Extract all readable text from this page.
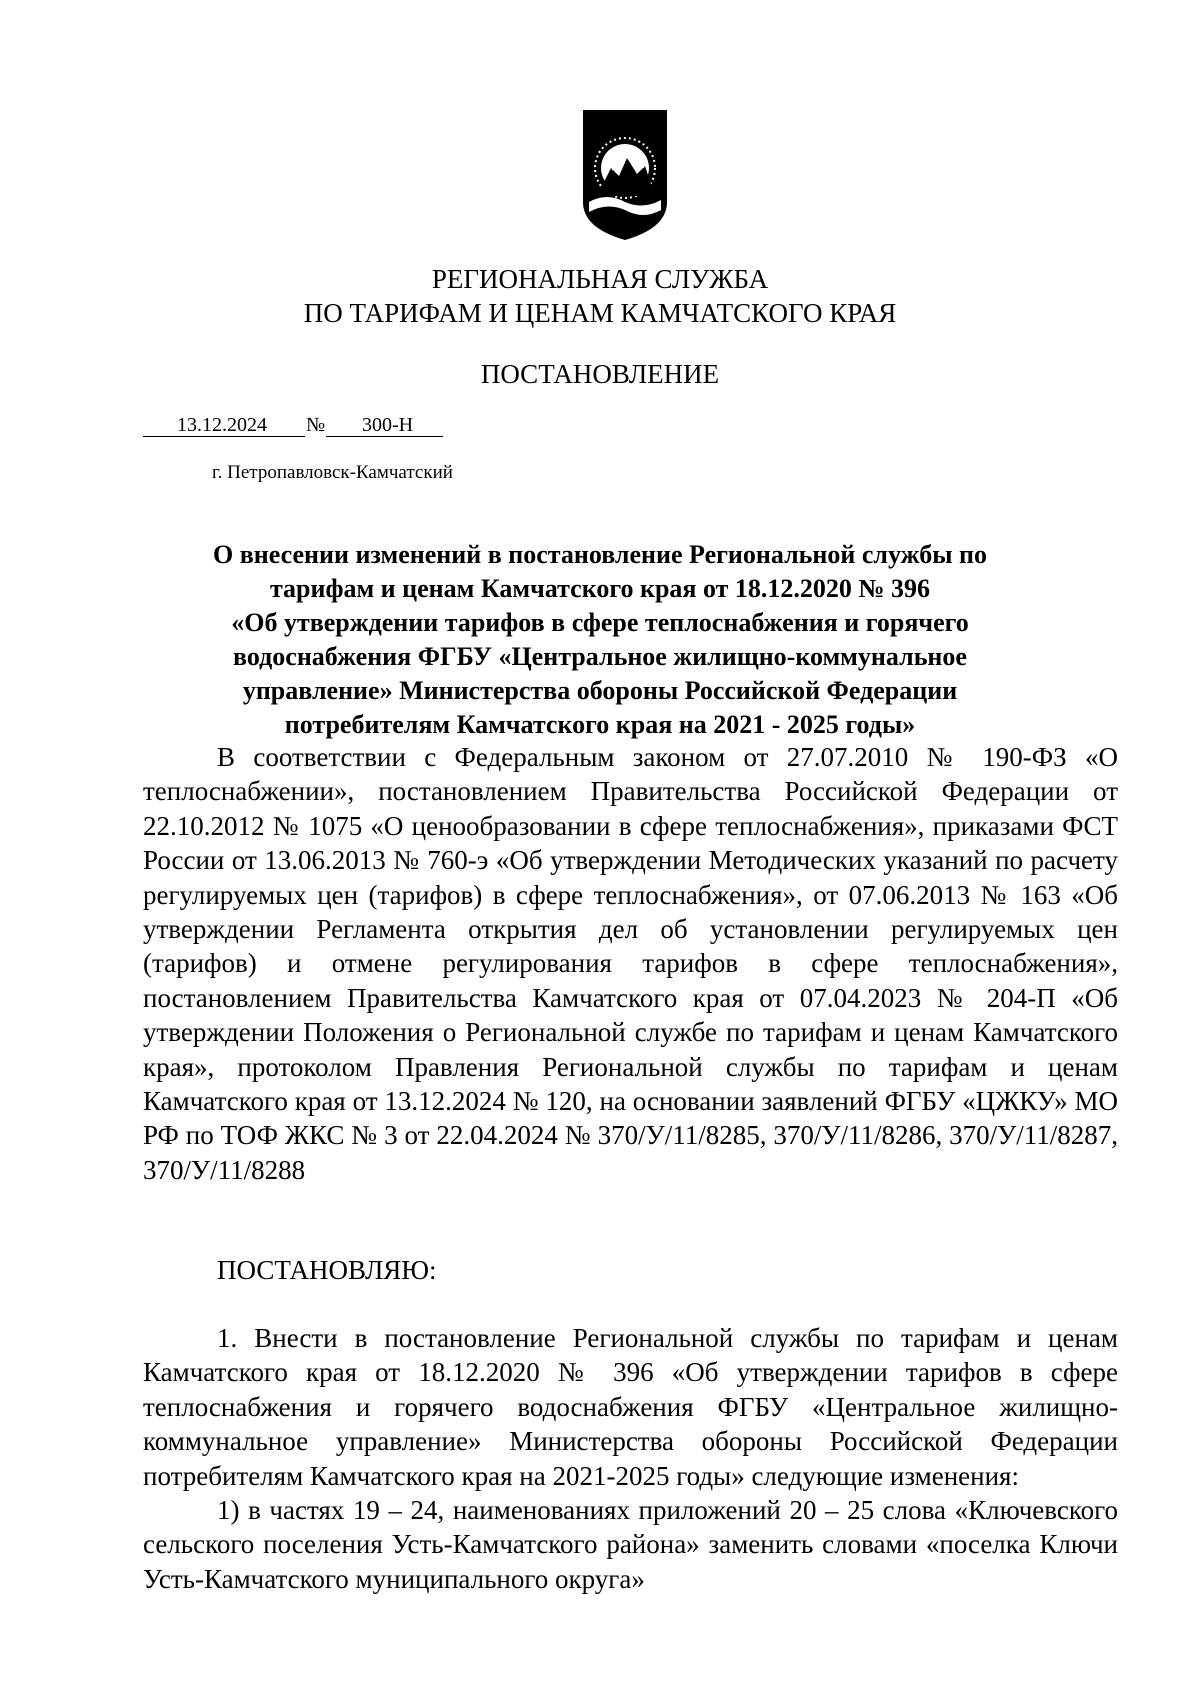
РЕГИОНАЛЬНАЯ СЛУЖБА
ПО ТАРИФАМ И ЦЕНАМ КАМЧАТСКОГО КРАЯ
ПОСТАНОВЛЕНИЕ
13.12.2024 № 300-Н
г. Петропавловск-Камчатский
О внесении изменений в постановление Региональной службы по
тарифам и ценам Камчатского края от 18.12.2020 № 396
«Об утверждении тарифов в сфере теплоснабжения и горячего
водоснабжения ФГБУ «Центральное жилищно-коммунальное
управление» Министерства обороны Российской Федерации
потребителям Камчатского края на 2021 - 2025 годы»

В соответствии с Федеральным законом от 27.07.2010 № 190-ФЗ «О теплоснабжении», постановлением Правительства Российской Федерации от 22.10.2012 № 1075 «О ценообразовании в сфере теплоснабжения», приказами ФСТ России от 13.06.2013 № 760-э «Об утверждении Методических указаний по расчету регулируемых цен (тарифов) в сфере теплоснабжения», от 07.06.2013 № 163 «Об утверждении Регламента открытия дел об установлении регулируемых цен (тарифов) и отмене регулирования тарифов в сфере теплоснабжения», постановлением Правительства Камчатского края от 07.04.2023 № 204-П «Об утверждении Положения о Региональной службе по тарифам и ценам Камчатского края», протоколом Правления Региональной службы по тарифам и ценам Камчатского края от 13.12.2024 № 120, на основании заявлений ФГБУ «ЦЖКУ» МО РФ по ТОФ ЖКС № 3 от 22.04.2024 № 370/У/11/8285, 370/У/11/8286, 370/У/11/8287, 370/У/11/8288

ПОСТАНОВЛЯЮ:

1. Внести в постановление Региональной службы по тарифам и ценам Камчатского края от 18.12.2020 № 396 «Об утверждении тарифов в сфере теплоснабжения и горячего водоснабжения ФГБУ «Центральное жилищно-коммунальное управление» Министерства обороны Российской Федерации потребителям Камчатского края на 2021-2025 годы» следующие изменения:

1) в частях 19 – 24, наименованиях приложений 20 – 25 слова «Ключевского сельского поселения Усть-Камчатского района» заменить словами «поселка Ключи Усть-Камчатского муниципального округа»
